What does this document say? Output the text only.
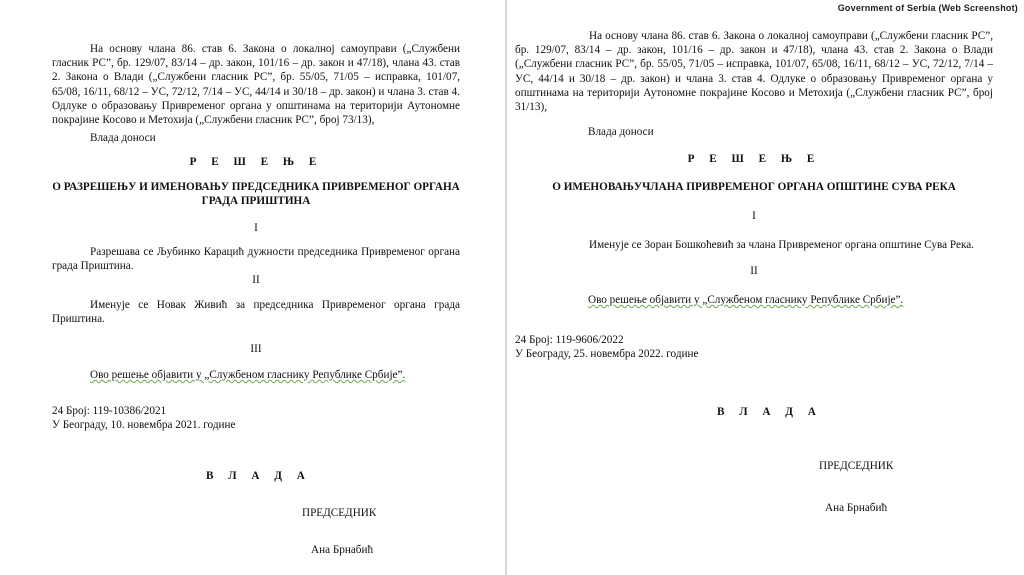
Government of Serbia (Web Screenshot)
На основу члана 86. став 6. Закона о локалној самоуправи („Службени гласник РС”, бр. 129/07, 83/14 – др. закон, 101/16 – др. закон и 47/18), члана 43. став 2. Закона о Влади („Службени гласник РС”, бр. 55/05, 71/05 – исправка, 101/07, 65/08, 16/11, 68/12 – УС, 72/12, 7/14 – УС, 44/14 и 30/18 – др. закон) и члана 3. став 4. Одлуке о образовању Привременог органа у општинама на територији Аутономне покрајине Косово и Метохија („Службени гласник РС”, број 73/13),
Влада доноси
Р Е Ш Е Њ Е
О РАЗРЕШЕЊУ И ИМЕНОВАЊУ ПРЕДСЕДНИКА ПРИВРЕМЕНОГ ОРГАНА
ГРАДА ПРИШТИНА
I
Разрешава се Љубинко Карацић дужности председника Привременог органа града Приштина.
II
Именује се Новак Живић за председника Привременог органа града Приштина.
III
Ово решење објавити у „Службеном гласнику Републике Србије”.
24 Број: 119-10386/2021
У Београду, 10. новембра 2021. године
В Л А Д А
ПРЕДСЕДНИК
Ана Брнабић
На основу члана 86. став 6. Закона о локалној самоуправи („Службени гласник РС”, бр. 129/07, 83/14 – др. закон, 101/16 – др. закон и 47/18), члана 43. став 2. Закона о Влади („Службени гласник РС”, бр. 55/05, 71/05 – исправка, 101/07, 65/08, 16/11, 68/12 – УС, 72/12, 7/14 – УС, 44/14 и 30/18 – др. закон) и члана 3. став 4. Одлуке о образовању Привременог органа у општинама на територији Аутономне покрајине Косово и Метохија („Службени гласник РС”, број 31/13),
Влада доноси
Р Е Ш Е Њ Е
О ИМЕНОВАЊУЧЛАНА ПРИВРЕМЕНОГ ОРГАНА ОПШТИНЕ СУВА РЕКА
I
Именује се Зоран Бошкоћевић за члана Привременог органа општине Сува Река.
II
Ово решење објавити у „Службеном гласнику Републике Србије”.
24 Број: 119-9606/2022
У Београду, 25. новембра 2022. године
В Л А Д А
ПРЕДСЕДНИК
Ана Брнабић
